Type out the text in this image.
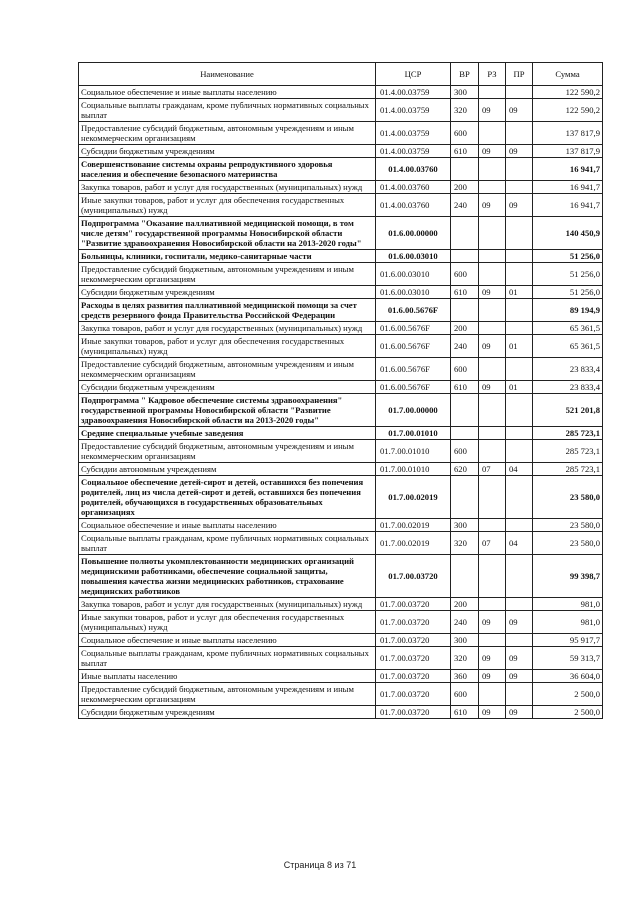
Наименование	ЦСР	ВР	РЗ	ПР	Сумма
Социальное обеспечение и иные выплаты населению	01.4.00.03759	300			122 590,2
Социальные выплаты гражданам, кроме публичных нормативных социальных выплат	01.4.00.03759	320	09	09	122 590,2
Предоставление субсидий бюджетным, автономным учреждениям и иным некоммерческим организациям	01.4.00.03759	600			137 817,9
Субсидии бюджетным учреждениям	01.4.00.03759	610	09	09	137 817,9
Совершенствование системы охраны репродуктивного здоровья населения и обеспечение безопасного материнства	01.4.00.03760				16 941,7
Закупка товаров, работ и услуг для государственных (муниципальных) нужд	01.4.00.03760	200			16 941,7
Иные закупки товаров, работ и услуг для обеспечения государственных (муниципальных) нужд	01.4.00.03760	240	09	09	16 941,7
Подпрограмма "Оказание паллиативной медицинской помощи, в том числе детям" государственной программы Новосибирской области "Развитие здравоохранения Новосибирской области на 2013-2020 годы"	01.6.00.00000				140 450,9
Больницы, клиники, госпитали, медико-санитарные части	01.6.00.03010				51 256,0
Предоставление субсидий бюджетным, автономным учреждениям и иным некоммерческим организациям	01.6.00.03010	600			51 256,0
Субсидии бюджетным учреждениям	01.6.00.03010	610	09	01	51 256,0
Расходы в целях развития паллиативной медицинской помощи за счет средств резервного фонда Правительства Российской Федерации	01.6.00.5676F				89 194,9
Закупка товаров, работ и услуг для государственных (муниципальных) нужд	01.6.00.5676F	200			65 361,5
Иные закупки товаров, работ и услуг для обеспечения государственных (муниципальных) нужд	01.6.00.5676F	240	09	01	65 361,5
Предоставление субсидий бюджетным, автономным учреждениям и иным некоммерческим организациям	01.6.00.5676F	600			23 833,4
Субсидии бюджетным учреждениям	01.6.00.5676F	610	09	01	23 833,4
Подпрограмма " Кадровое обеспечение системы здравоохранения" государственной программы Новосибирской области "Развитие здравоохранения Новосибирской области на 2013-2020 годы"	01.7.00.00000				521 201,8
Средние специальные учебные заведения	01.7.00.01010				285 723,1
Предоставление субсидий бюджетным, автономным учреждениям и иным некоммерческим организациям	01.7.00.01010	600			285 723,1
Субсидии автономным учреждениям	01.7.00.01010	620	07	04	285 723,1
Социальное обеспечение детей-сирот и детей, оставшихся без попечения родителей, лиц из числа детей-сирот и детей, оставшихся без попечения родителей, обучающихся в государственных образовательных организациях	01.7.00.02019				23 580,0
Социальное обеспечение и иные выплаты населению	01.7.00.02019	300			23 580,0
Социальные выплаты гражданам, кроме публичных нормативных социальных выплат	01.7.00.02019	320	07	04	23 580,0
Повышение полноты укомплектованности медицинских организаций медицинскими работниками, обеспечение социальной защиты, повышения качества жизни медицинских работников, страхование медицинских работников	01.7.00.03720				99 398,7
Закупка товаров, работ и услуг для государственных (муниципальных) нужд	01.7.00.03720	200			981,0
Иные закупки товаров, работ и услуг для обеспечения государственных (муниципальных) нужд	01.7.00.03720	240	09	09	981,0
Социальное обеспечение и иные выплаты населению	01.7.00.03720	300			95 917,7
Социальные выплаты гражданам, кроме публичных нормативных социальных выплат	01.7.00.03720	320	09	09	59 313,7
Иные выплаты населению	01.7.00.03720	360	09	09	36 604,0
Предоставление субсидий бюджетным, автономным учреждениям и иным некоммерческим организациям	01.7.00.03720	600			2 500,0
Субсидии бюджетным учреждениям	01.7.00.03720	610	09	09	2 500,0
Страница 8 из 71
